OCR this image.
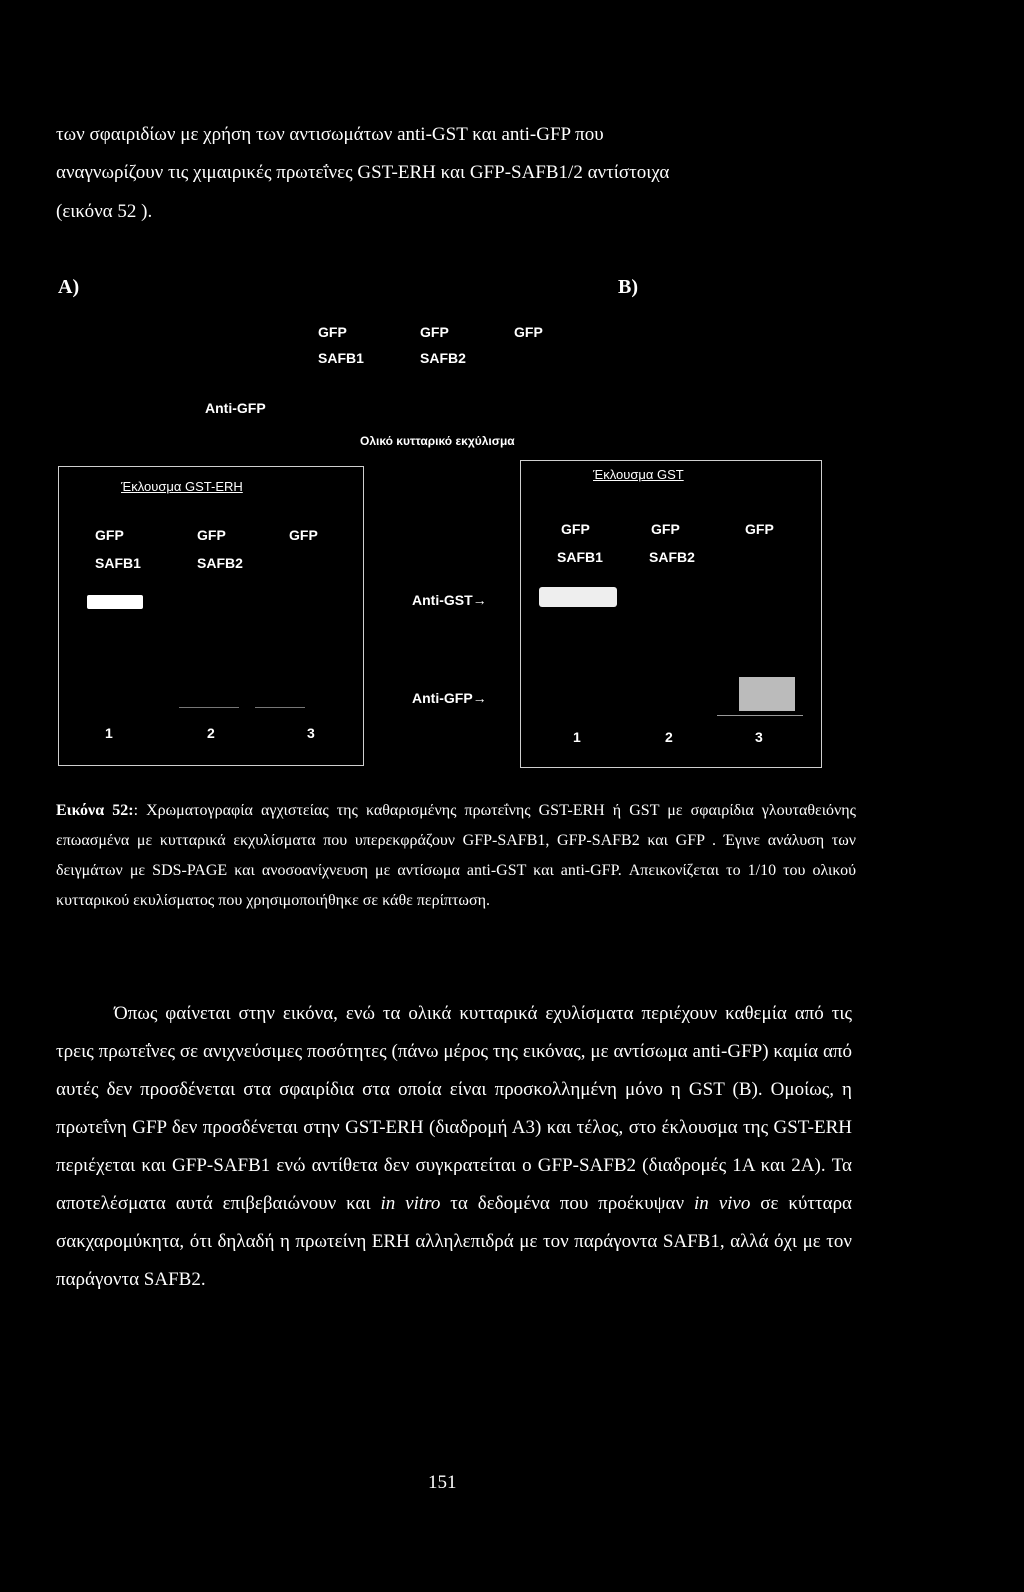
των σφαιριδίων με χρήση των αντισωμάτων anti-GST και anti-GFP που
αναγνωρίζουν τις χιμαιρικές πρωτεΐνες GST-ERH και GFP-SAFB1/2 αντίστοιχα
(εικόνα 52 ).
A)	B)
GFP
SAFB1
GFP
SAFB2
GFP
Anti-GFP
Ολικό κυτταρικό εκχύλισμα
Έκλουσμα GST-ERH
GFP
SAFB1
GFP
SAFB2
GFP
1	2	3
Anti-GST→
Anti-GFP→
Έκλουσμα GST
GFP
SAFB1
GFP
SAFB2
GFP
1	2	3
Εικόνα 52:: Χρωματογραφία αγχιστείας της καθαρισμένης πρωτεΐνης GST-ERH ή GST με σφαιρίδια γλουταθειόνης επωασμένα με κυτταρικά εκχυλίσματα που υπερεκφράζουν GFP-SAFB1, GFP-SAFB2 και GFP . Έγινε ανάλυση των δειγμάτων με SDS-PAGE και ανοσοανίχνευση με αντίσωμα anti-GST και anti-GFP. Απεικονίζεται το 1/10 του ολικού κυτταρικού εκυλίσματος που χρησιμοποιήθηκε σε κάθε περίπτωση.
Όπως φαίνεται στην εικόνα, ενώ τα ολικά κυτταρικά εχυλίσματα περιέχουν καθεμία από τις τρεις πρωτεΐνες σε ανιχνεύσιμες ποσότητες (πάνω μέρος της εικόνας, με αντίσωμα anti-GFP) καμία από αυτές δεν προσδένεται στα σφαιρίδια στα οποία είναι προσκολλημένη μόνο η GST (Β). Ομοίως, η πρωτεΐνη GFP δεν προσδένεται στην GST-ERH (διαδρομή Α3) και τέλος, στο έκλουσμα της GST-ERH περιέχεται και GFP-SAFB1 ενώ αντίθετα δεν συγκρατείται ο GFP-SAFB2 (διαδρομές 1Α και 2Α). Τα αποτελέσματα αυτά επιβεβαιώνουν και in vitro τα δεδομένα που προέκυψαν in vivo σε κύτταρα σακχαρομύκητα, ότι δηλαδή η πρωτείνη ERH αλληλεπιδρά με τον παράγοντα SAFB1, αλλά όχι με τον παράγοντα SAFB2.
151
